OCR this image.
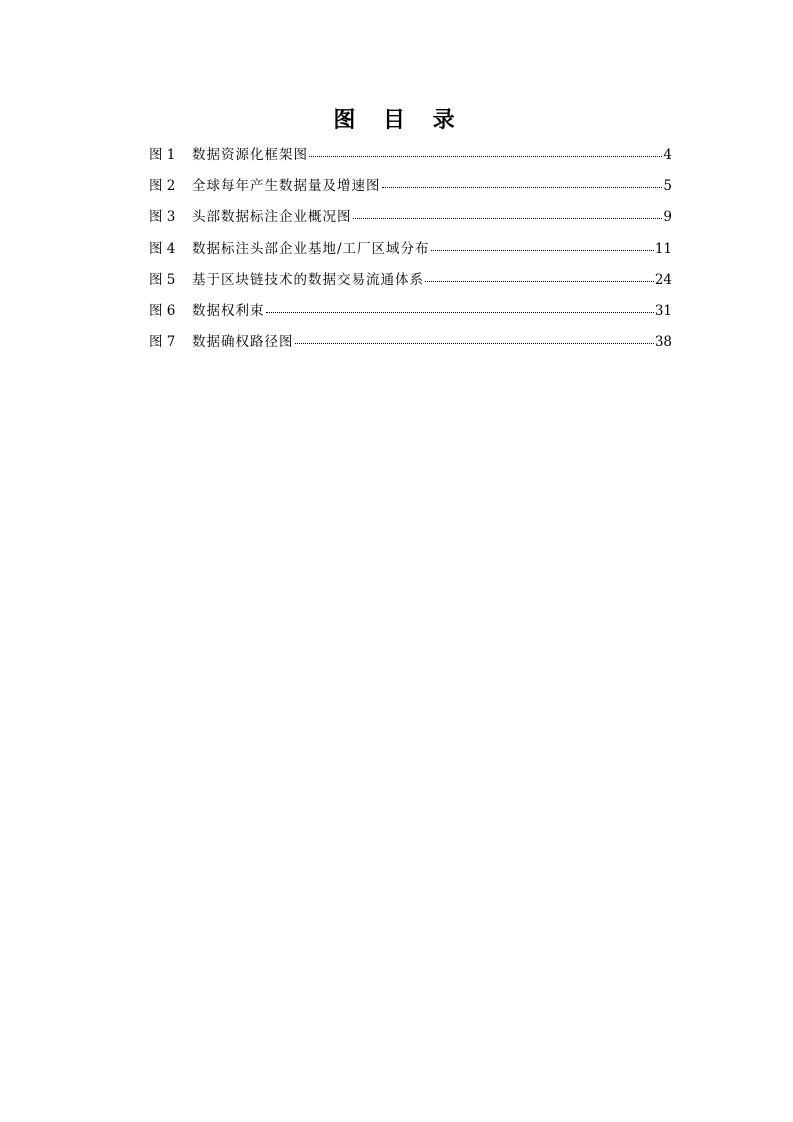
图 目 录
图 1	数据资源化框架图	4
图 2	全球每年产生数据量及增速图	5
图 3	头部数据标注企业概况图	9
图 4	数据标注头部企业基地/工厂区域分布	11
图 5	基于区块链技术的数据交易流通体系	24
图 6	数据权利束	31
图 7	数据确权路径图	38
